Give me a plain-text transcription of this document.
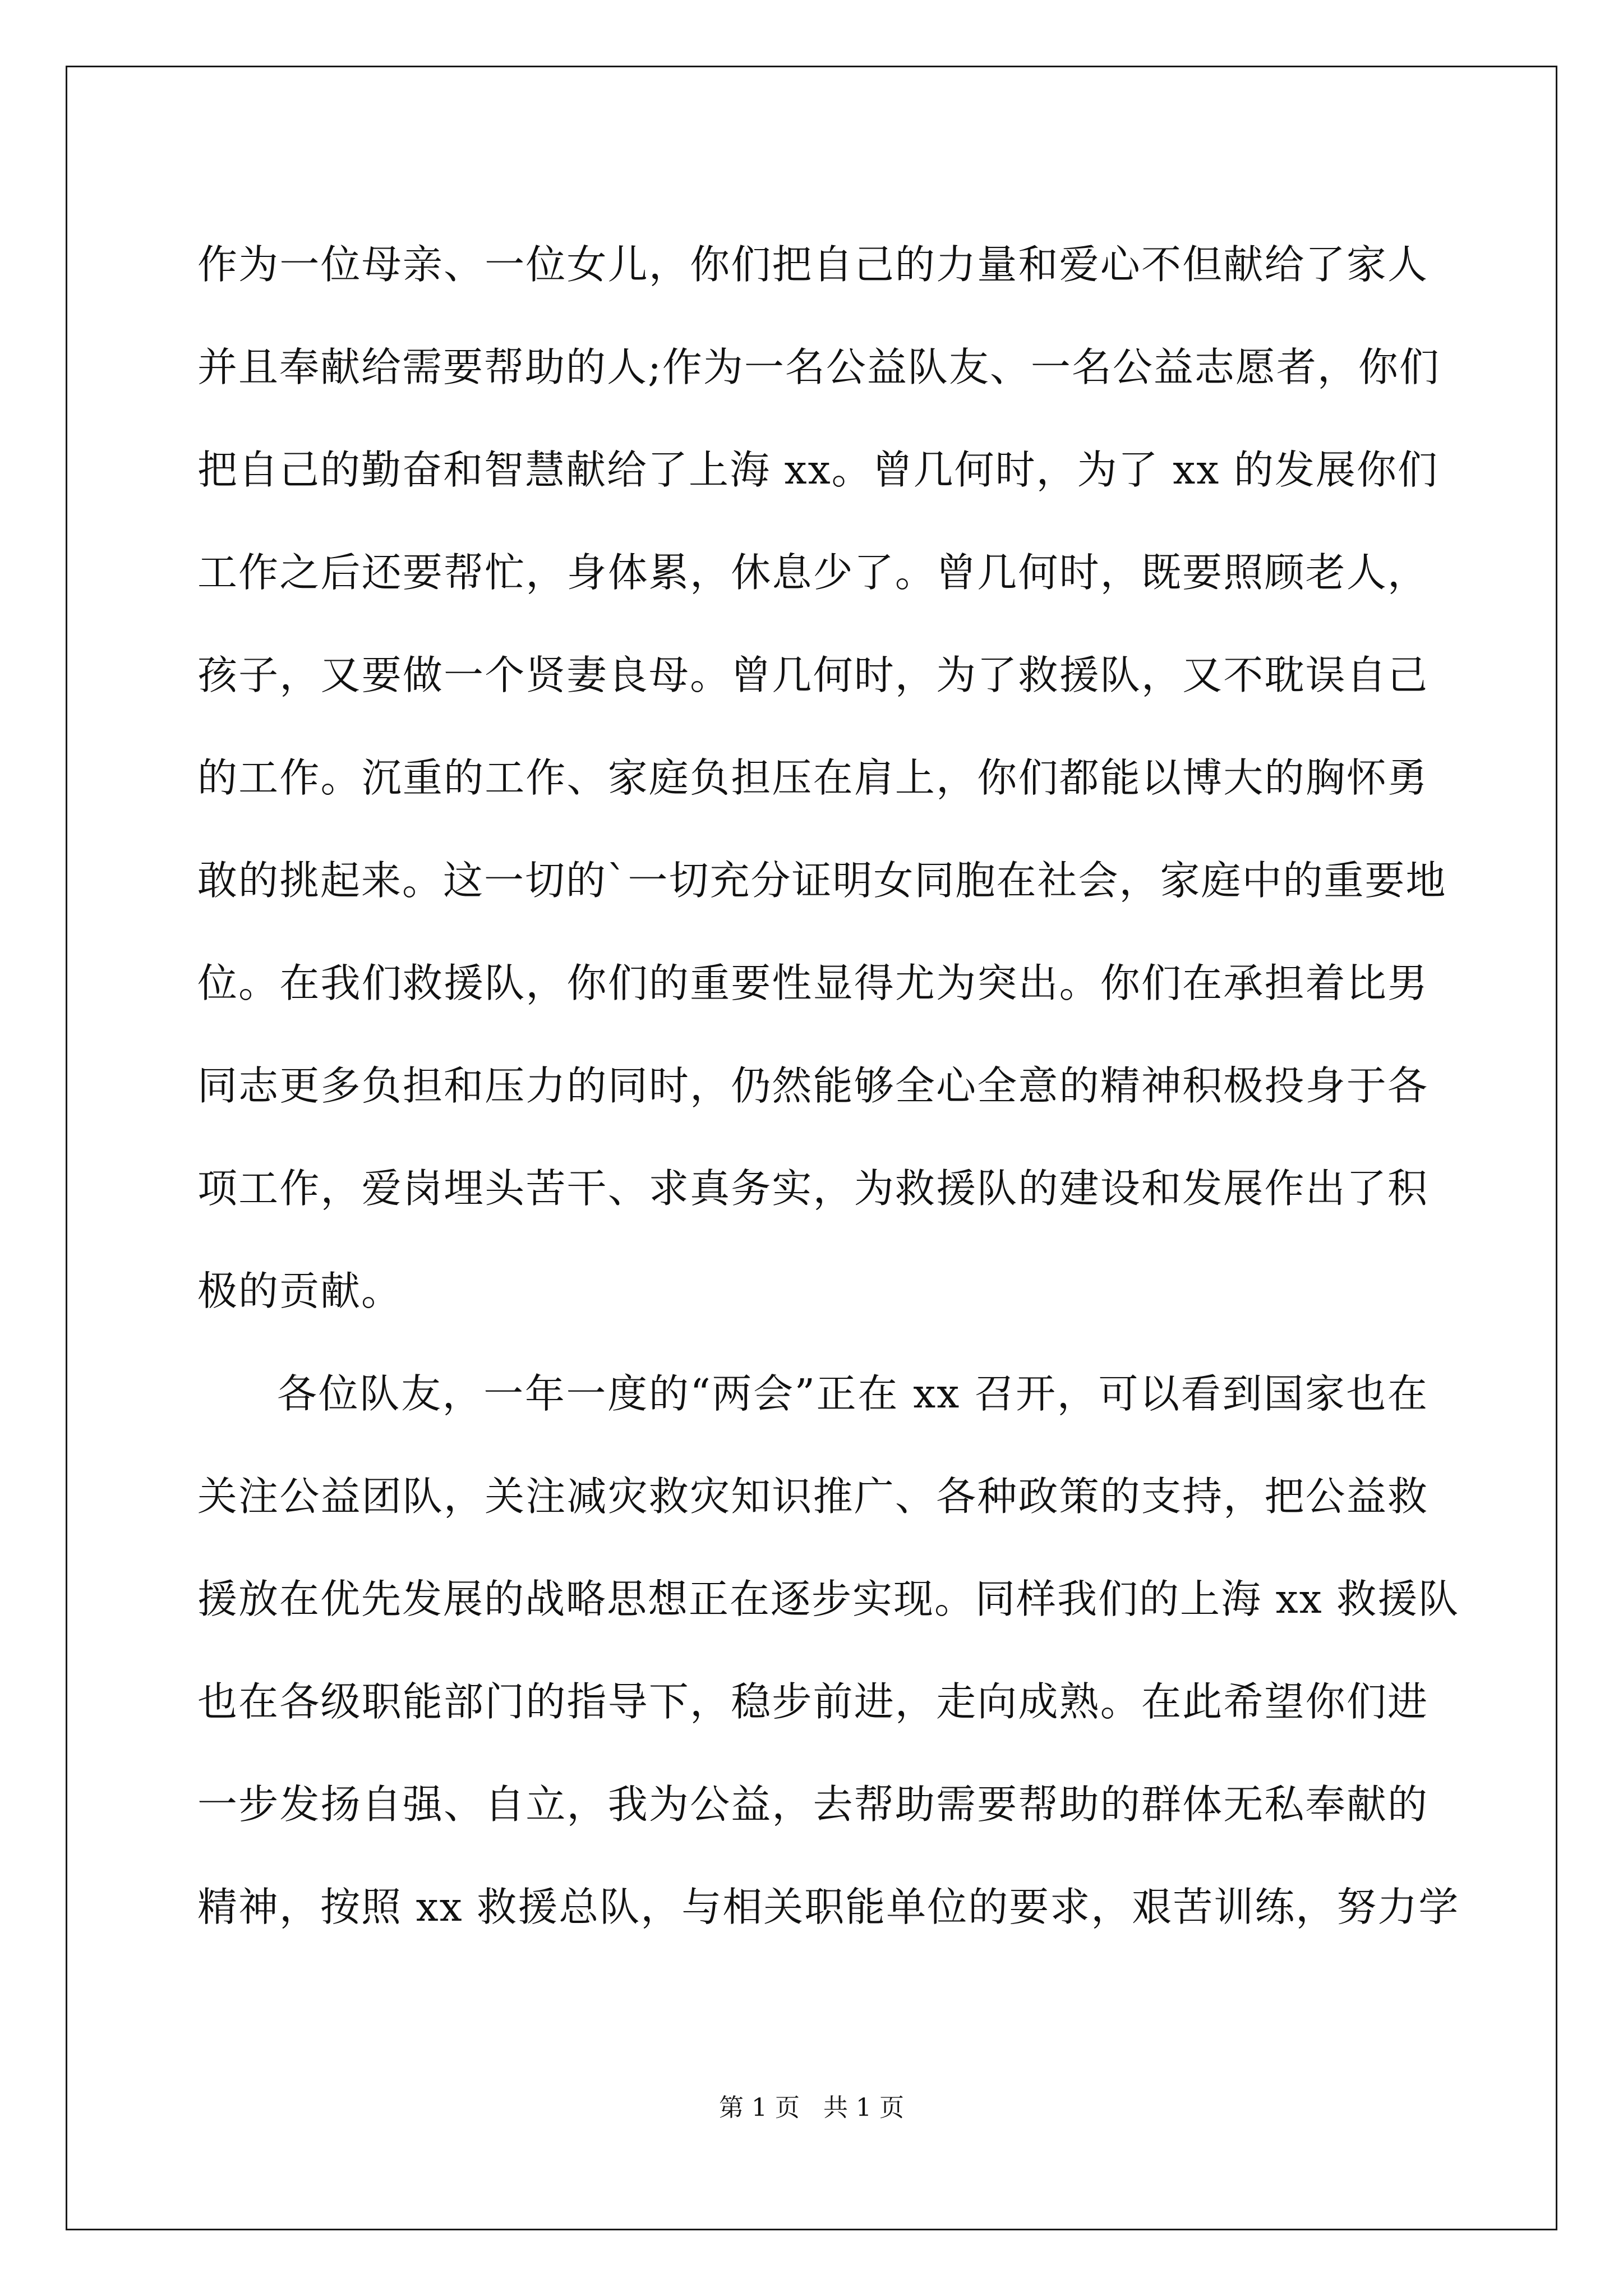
作为一位母亲、一位女儿，你们把自己的力量和爱心不但献给了家人
并且奉献给需要帮助的人;作为一名公益队友、一名公益志愿者，你们
把自己的勤奋和智慧献给了上海 xx。曾几何时，为了 xx 的发展你们
工作之后还要帮忙，身体累，休息少了。曾几何时，既要照顾老人，
孩子，又要做一个贤妻良母。曾几何时，为了救援队，又不耽误自己
的工作。沉重的工作、家庭负担压在肩上，你们都能以博大的胸怀勇
敢的挑起来。这一切的`一切充分证明女同胞在社会，家庭中的重要地
位。在我们救援队，你们的重要性显得尤为突出。你们在承担着比男
同志更多负担和压力的同时，仍然能够全心全意的精神积极投身于各
项工作，爱岗埋头苦干、求真务实，为救援队的建设和发展作出了积
极的贡献。
各位队友，一年一度的“两会”正在 xx 召开，可以看到国家也在
关注公益团队，关注减灾救灾知识推广、各种政策的支持，把公益救
援放在优先发展的战略思想正在逐步实现。同样我们的上海 xx 救援队
也在各级职能部门的指导下，稳步前进，走向成熟。在此希望你们进
一步发扬自强、自立，我为公益，去帮助需要帮助的群体无私奉献的
精神，按照 xx 救援总队，与相关职能单位的要求，艰苦训练，努力学
第 1 页   共 1 页
